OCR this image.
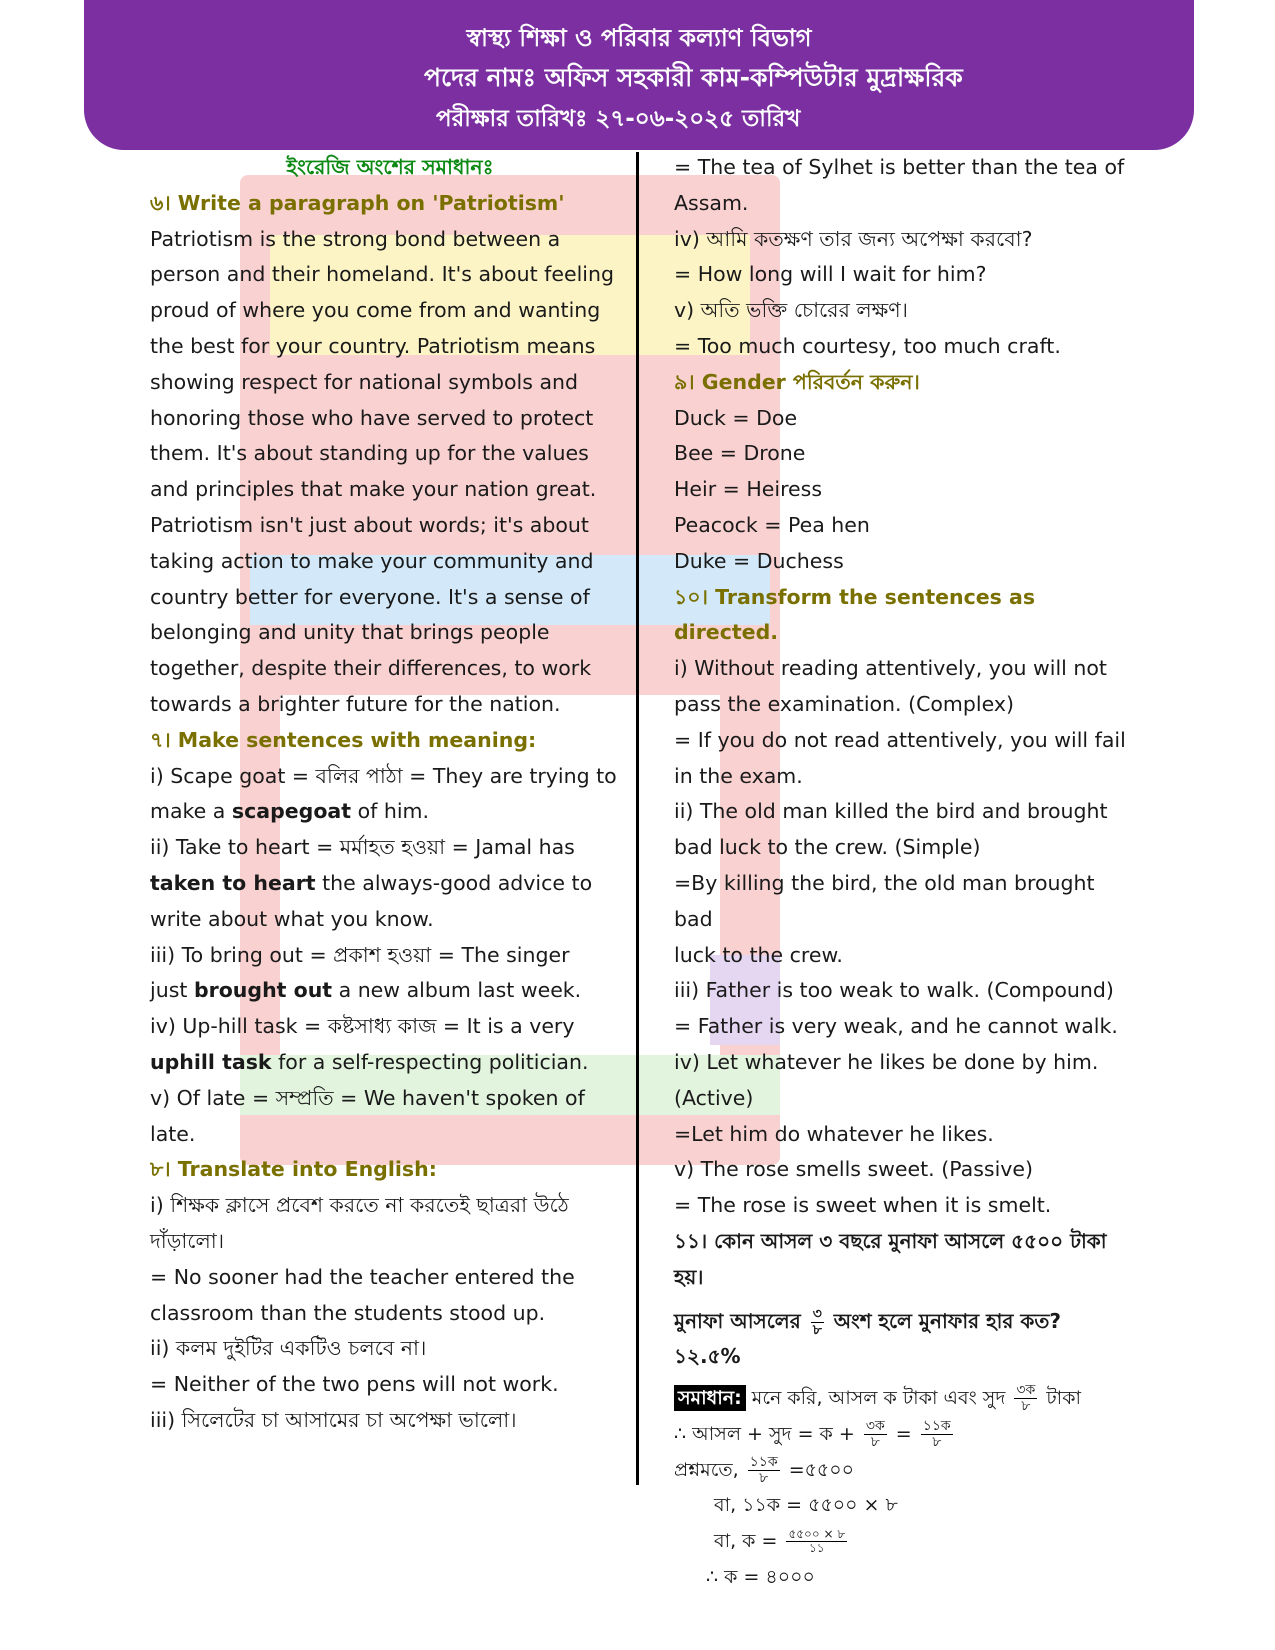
স্বাস্থ্য শিক্ষা ও পরিবার কল্যাণ বিভাগ
পদের নামঃ অফিস সহকারী কাম-কম্পিউটার মুদ্রাক্ষরিক
পরীক্ষার তারিখঃ ২৭-০৬-২০২৫ তারিখ

ইংরেজি অংশের সমাধানঃ

৬। Write a paragraph on 'Patriotism'

Patriotism is the strong bond between a

person and their homeland. It's about feeling

proud of where you come from and wanting

the best for your country. Patriotism means

showing respect for national symbols and

honoring those who have served to protect

them. It's about standing up for the values

and principles that make your nation great.

Patriotism isn't just about words; it's about

taking action to make your community and

country better for everyone. It's a sense of

belonging and unity that brings people

together, despite their differences, to work

towards a brighter future for the nation.

৭। Make sentences with meaning:

i) Scape goat = বলির পাঠা = They are trying to

make a scapegoat of him.

ii) Take to heart = মর্মাহত হওয়া = Jamal has

taken to heart the always-good advice to

write about what you know.

iii) To bring out = প্রকাশ হওয়া = The singer

just brought out a new album last week.

iv) Up-hill task = কষ্টসাধ্য কাজ = It is a very

uphill task for a self-respecting politician.

v) Of late = সম্প্রতি = We haven't spoken of

late.

৮। Translate into English:

i) শিক্ষক ক্লাসে প্রবেশ করতে না করতেই ছাত্ররা উঠে

দাঁড়ালো।

= No sooner had the teacher entered the

classroom than the students stood up.

ii) কলম দুইটির একটিও চলবে না।

= Neither of the two pens will not work.

iii) সিলেটের চা আসামের চা অপেক্ষা ভালো।

= The tea of Sylhet is better than the tea of

Assam.

iv) আমি কতক্ষণ তার জন্য অপেক্ষা করবো?

= How long will I wait for him?

v) অতি ভক্তি চোরের লক্ষণ।

= Too much courtesy, too much craft.

৯। Gender পরিবর্তন করুন।

Duck = Doe

Bee = Drone

Heir = Heiress

Peacock = Pea hen

Duke = Duchess

১০। Transform the sentences as directed.

i) Without reading attentively, you will not

pass the examination. (Complex)

= If you do not read attentively, you will fail

in the exam.

ii) The old man killed the bird and brought

bad luck to the crew. (Simple)

=By killing the bird, the old man brought bad

luck to the crew.

iii) Father is too weak to walk. (Compound)

= Father is very weak, and he cannot walk.

iv) Let whatever he likes be done by him.

(Active)

=Let him do whatever he likes.

v) The rose smells sweet. (Passive)

= The rose is sweet when it is smelt.

১১। কোন আসল ৩ বছরে মুনাফা আসলে ৫৫০০ টাকা হয়।

মুনাফা আসলের $\frac{৩}{৮}$ অংশ হলে মুনাফার হার কত? ১২.৫%

সমাধান: মনে করি, আসল ক টাকা এবং সুদ $\frac{\text{৩ক}}{৮}$ টাকা

∴ আসল + সুদ = ক + $\frac{\text{৩ক}}{৮} = \frac{\text{১১ক}}{৮}$

প্রশ্নমতে, $\frac{\text{১১ক}}{৮}$ =৫৫০০

বা, ১১ক = ৫৫০০ × ৮

বা, ক = $\frac{৫৫০০ \times ৮}{১১}$

∴ ক = ৪০০০
